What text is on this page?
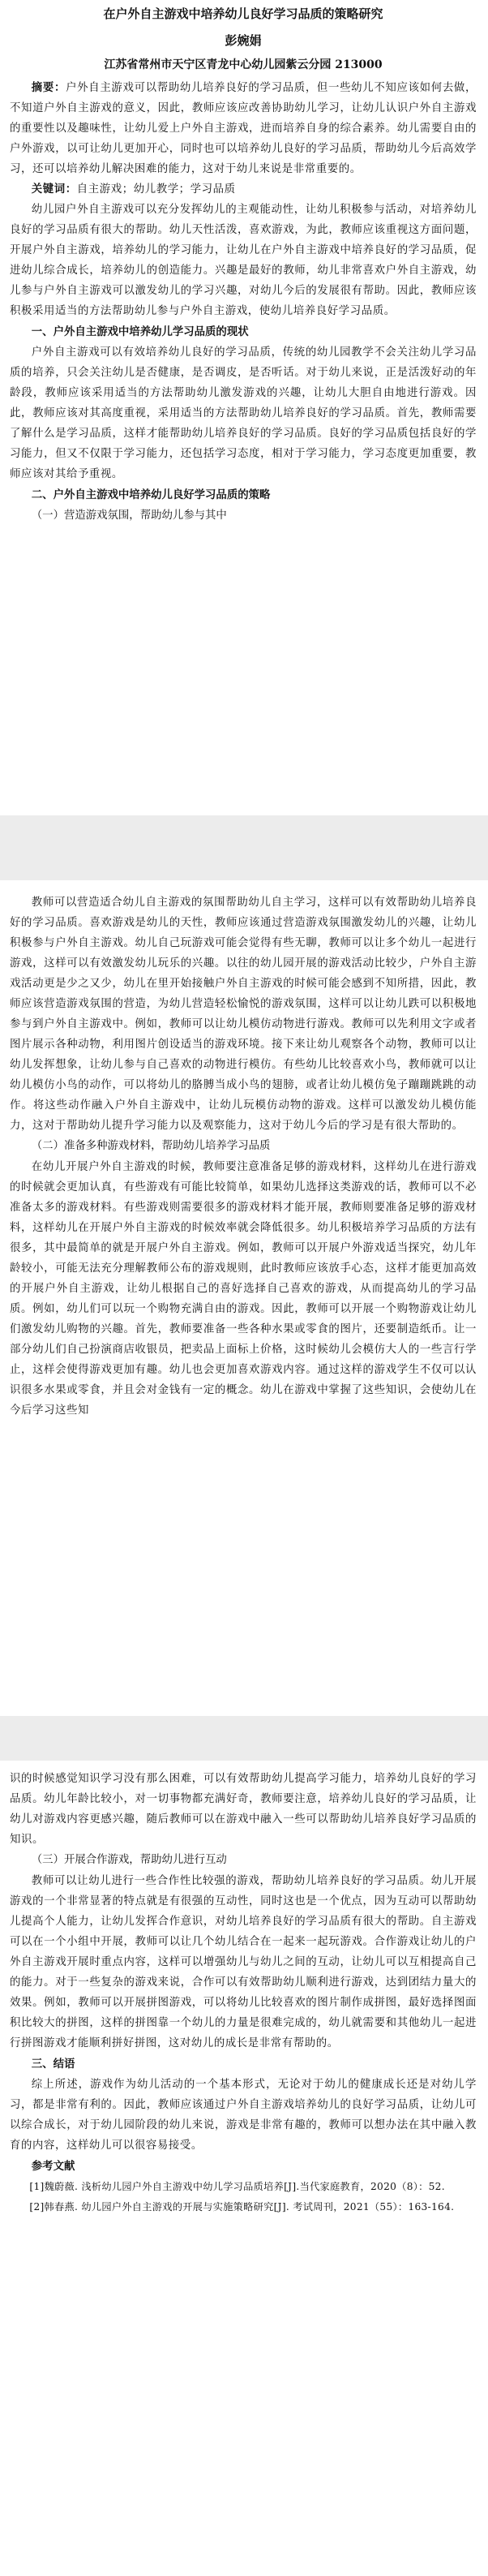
在户外自主游戏中培养幼儿良好学习品质的策略研究

彭婉娟

江苏省常州市天宁区青龙中心幼儿园紫云分园 213000

摘要：户外自主游戏可以帮助幼儿培养良好的学习品质，但一些幼儿不知应该如何去做，不知道户外自主游戏的意义，因此，教师应该应改善协助幼儿学习，让幼儿认识户外自主游戏的重要性以及趣味性，让幼儿爱上户外自主游戏，进而培养自身的综合素养。幼儿需要自由的户外游戏，以可让幼儿更加开心，同时也可以培养幼儿良好的学习品质，帮助幼儿今后高效学习，还可以培养幼儿解决困难的能力，这对于幼儿来说是非常重要的。

关键词：自主游戏；幼儿教学；学习品质

幼儿园户外自主游戏可以充分发挥幼儿的主观能动性，让幼儿积极参与活动，对培养幼儿良好的学习品质有很大的帮助。幼儿天性活泼，喜欢游戏，为此，教师应该重视这方面问题，开展户外自主游戏，培养幼儿的学习能力，让幼儿在户外自主游戏中培养良好的学习品质，促进幼儿综合成长，培养幼儿的创造能力。兴趣是最好的教师，幼儿非常喜欢户外自主游戏，幼儿参与户外自主游戏可以激发幼儿的学习兴趣，对幼儿今后的发展很有帮助。因此，教师应该积极采用适当的方法帮助幼儿参与户外自主游戏，使幼儿培养良好学习品质。

一、户外自主游戏中培养幼儿学习品质的现状

户外自主游戏可以有效培养幼儿良好的学习品质，传统的幼儿园教学不会关注幼儿学习品质的培养，只会关注幼儿是否健康，是否调皮，是否听话。对于幼儿来说，正是活泼好动的年龄段，教师应该采用适当的方法帮助幼儿激发游戏的兴趣，让幼儿大胆自由地进行游戏。因此，教师应该对其高度重视，采用适当的方法帮助幼儿培养良好的学习品质。首先，教师需要了解什么是学习品质，这样才能帮助幼儿培养良好的学习品质。良好的学习品质包括良好的学习能力，但又不仅限于学习能力，还包括学习态度，相对于学习能力，学习态度更加重要，教师应该对其给予重视。

二、户外自主游戏中培养幼儿良好学习品质的策略

（一）营造游戏氛围，帮助幼儿参与其中

教师可以营造适合幼儿自主游戏的氛围帮助幼儿自主学习，这样可以有效帮助幼儿培养良好的学习品质。喜欢游戏是幼儿的天性，教师应该通过营造游戏氛围激发幼儿的兴趣，让幼儿积极参与户外自主游戏。幼儿自己玩游戏可能会觉得有些无聊，教师可以让多个幼儿一起进行游戏，这样可以有效激发幼儿玩乐的兴趣。以往的幼儿园开展的游戏活动比较少，户外自主游戏活动更是少之又少，幼儿在里开始接触户外自主游戏的时候可能会感到不知所措，因此，教师应该营造游戏氛围的营造，为幼儿营造轻松愉悦的游戏氛围，这样可以让幼儿跌可以积极地参与到户外自主游戏中。例如，教师可以让幼儿模仿动物进行游戏。教师可以先利用文字或者图片展示各种动物，利用图片创设适当的游戏环境。接下来让幼儿观察各个动物，教师可以让幼儿发挥想象，让幼儿参与自己喜欢的动物进行模仿。有些幼儿比较喜欢小鸟，教师就可以让幼儿模仿小鸟的动作，可以将幼儿的胳膊当成小鸟的翅膀，或者让幼儿模仿兔子蹦蹦跳跳的动作。将这些动作融入户外自主游戏中，让幼儿玩模仿动物的游戏。这样可以激发幼儿模仿能力，这对于帮助幼儿提升学习能力以及观察能力，这对于幼儿今后的学习是有很大帮助的。

（二）准备多种游戏材料，帮助幼儿培养学习品质

在幼儿开展户外自主游戏的时候，教师要注意准备足够的游戏材料，这样幼儿在进行游戏的时候就会更加认真，有些游戏有可能比较简单，如果幼儿选择这类游戏的话，教师可以不必准备太多的游戏材料。有些游戏则需要很多的游戏材料才能开展，教师则要准备足够的游戏材料，这样幼儿在开展户外自主游戏的时候效率就会降低很多。幼儿积极培养学习品质的方法有很多，其中最简单的就是开展户外自主游戏。例如，教师可以开展户外游戏适当探究，幼儿年龄较小，可能无法充分理解教师公布的游戏规则，此时教师应该放手心态，这样才能更加高效的开展户外自主游戏，让幼儿根据自己的喜好选择自己喜欢的游戏，从而提高幼儿的学习品质。例如，幼儿们可以玩一个购物充满自由的游戏。因此，教师可以开展一个购物游戏让幼儿们激发幼儿购物的兴趣。首先，教师要准备一些各种水果或零食的图片，还要制造纸币。让一部分幼儿们自己扮演商店收银员，把卖品上面标上价格，这时候幼儿会模仿大人的一些言行学止，这样会使得游戏更加有趣。幼儿也会更加喜欢游戏内容。通过这样的游戏学生不仅可以认识很多水果或零食，并且会对金钱有一定的概念。幼儿在游戏中掌握了这些知识，会使幼儿在今后学习这些知

识的时候感觉知识学习没有那么困难，可以有效帮助幼儿提高学习能力，培养幼儿良好的学习品质。幼儿年龄比较小，对一切事物都充满好奇，教师要注意，培养幼儿良好的学习品质，让幼儿对游戏内容更感兴趣，随后教师可以在游戏中融入一些可以帮助幼儿培养良好学习品质的知识。

（三）开展合作游戏，帮助幼儿进行互动

教师可以让幼儿进行一些合作性比较强的游戏，帮助幼儿培养良好的学习品质。幼儿开展游戏的一个非常显著的特点就是有很强的互动性，同时这也是一个优点，因为互动可以帮助幼儿提高个人能力，让幼儿发挥合作意识，对幼儿培养良好的学习品质有很大的帮助。自主游戏可以在一个小组中开展，教师可以让几个幼儿结合在一起来一起玩游戏。合作游戏让幼儿的户外自主游戏开展时重点内容，这样可以增强幼儿与幼儿之间的互动，让幼儿可以互相提高自己的能力。对于一些复杂的游戏来说，合作可以有效帮助幼儿顺利进行游戏，达到团结力量大的效果。例如，教师可以开展拼图游戏，可以将幼儿比较喜欢的图片制作成拼图，最好选择图面积比较大的拼图，这样的拼图靠一个幼儿的力量是很难完成的，幼儿就需要和其他幼儿一起进行拼图游戏才能顺利拼好拼图，这对幼儿的成长是非常有帮助的。

三、结语

综上所述，游戏作为幼儿活动的一个基本形式，无论对于幼儿的健康成长还是对幼儿学习，都是非常有利的。因此，教师应该通过户外自主游戏培养幼儿的良好学习品质，让幼儿可以综合成长，对于幼儿园阶段的幼儿来说，游戏是非常有趣的，教师可以想办法在其中融入教育的内容，这样幼儿可以很容易接受。

参考文献

[1]魏蔚薇. 浅析幼儿园户外自主游戏中幼儿学习品质培养[J].当代家庭教育，2020（8）：52.

[2]韩春燕. 幼儿园户外自主游戏的开展与实施策略研究[J]. 考试周刊，2021（55）：163-164.
